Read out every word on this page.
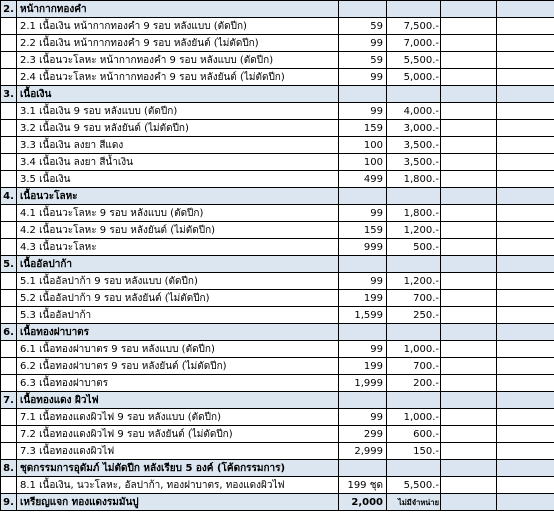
2.	หน้ากากทองคำ				
	2.1 เนื้อเงิน หน้ากากทองคำ 9 รอบ หลังแบบ (ตัดปีก)	59	7,500.-		
	2.2 เนื้อเงิน หน้ากากทองคำ 9 รอบ หลังยันต์ (ไม่ตัดปีก)	99	7,000.-		
	2.3 เนื้อนวะโลหะ หน้ากากทองคำ 9 รอบ หลังแบบ (ตัดปีก)	59	5,500.-		
	2.4 เนื้อนวะโลหะ หน้ากากทองคำ 9 รอบ หลังยันต์ (ไม่ตัดปีก)	99	5,000.-		
3.	เนื้อเงิน				
	3.1 เนื้อเงิน 9 รอบ หลังแบบ (ตัดปีก)	99	4,000.-		
	3.2 เนื้อเงิน 9 รอบ หลังยันต์ (ไม่ตัดปีก)	159	3,000.-		
	3.3 เนื้อเงิน ลงยา สีแดง	100	3,500.-		
	3.4 เนื้อเงิน ลงยา สีน้ำเงิน	100	3,500.-		
	3.5 เนื้อเงิน	499	1,800.-		
4.	เนื้อนวะโลหะ				
	4.1 เนื้อนวะโลหะ 9 รอบ หลังแบบ (ตัดปีก)	99	1,800.-		
	4.2 เนื้อนวะโลหะ 9 รอบ หลังยันต์ (ไม่ตัดปีก)	159	1,200.-		
	4.3 เนื้อนวะโลหะ	999	500.-		
5.	เนื้ออัลปาก้า				
	5.1 เนื้ออัลปาก้า 9 รอบ หลังแบบ (ตัดปีก)	99	1,200.-		
	5.2 เนื้ออัลปาก้า 9 รอบ หลังยันต์ (ไม่ตัดปีก)	199	700.-		
	5.3 เนื้ออัลปาก้า	1,599	250.-		
6.	เนื้อทองฝาบาตร				
	6.1 เนื้อทองฝาบาตร 9 รอบ หลังแบบ (ตัดปีก)	99	1,000.-		
	6.2 เนื้อทองฝาบาตร 9 รอบ หลังยันต์ (ไม่ตัดปีก)	199	700.-		
	6.3 เนื้อทองฝาบาตร	1,999	200.-		
7.	เนื้อทองแดง ผิวไฟ				
	7.1 เนื้อทองแดงผิวไฟ 9 รอบ หลังแบบ (ตัดปีก)	99	1,000.-		
	7.2 เนื้อทองแดงผิวไฟ 9 รอบ หลังยันต์ (ไม่ตัดปีก)	299	600.-		
	7.3 เนื้อทองแดงผิวไฟ	2,999	150.-		
8.	ชุดกรรมการอุดัมภ์ ไม่ตัดปีก หลังเรียบ 5 องค์ (โค้ดกรรมการ)				
	8.1 เนื้อเงิน, นวะโลหะ, อัลปาก้า, ทองฝาบาตร, ทองแดงผิวไฟ	199 ชุด	5,500.-		
9.	เหรียญแจก ทองแดงรมมันปู	2,000	ไม่มีจำหน่าย		
